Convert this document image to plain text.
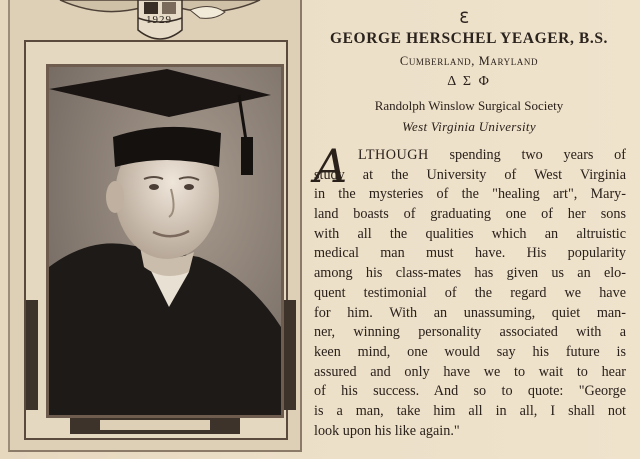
1929	ℇ
GEORGE HERSCHEL YEAGER, B.S.
Cumberland, Maryland
Δ Σ Φ
Randolph Winslow Surgical Society
West Virginia University
A LTHOUGH spending two years of
study at the University of West Virginia
in the mysteries of the "healing art", Mary-
land boasts of graduating one of her sons
with all the qualities which an altruistic
medical man must have. His popularity
among his class-mates has given us an elo-
quent testimonial of the regard we have
for him. With an unassuming, quiet man-
ner, winning personality associated with a
keen mind, one would say his future is
assured and only have we to wait to hear
of his success. And so to quote: "George
is a man, take him all in all, I shall not
look upon his like again."
